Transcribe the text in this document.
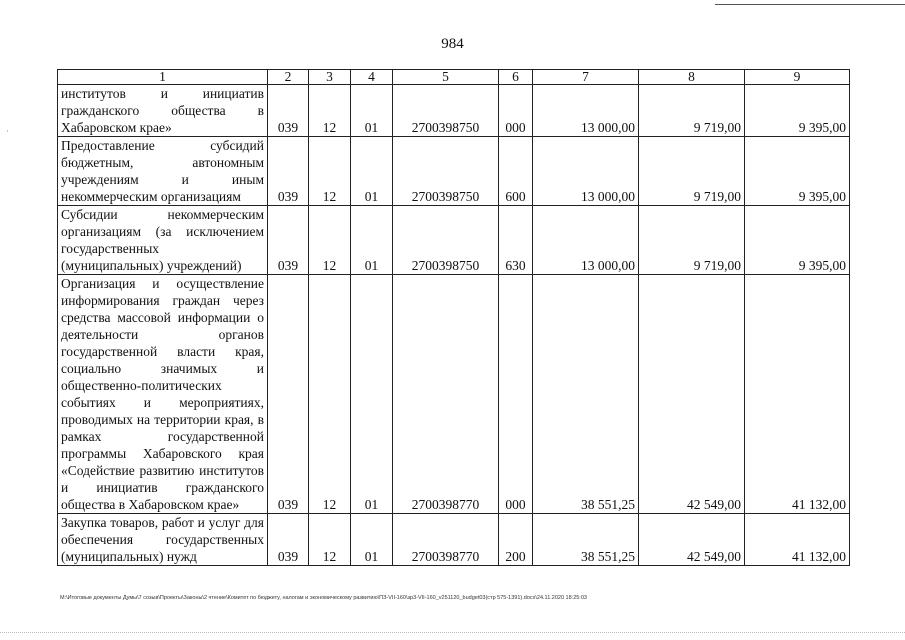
·
984
1	2	3	4	5	6	7	8	9
институтов и инициатив гражданского общества в Хабаровском крае»	039	12	01	2700398750	000	13 000,00	9 719,00	9 395,00
Предоставление субсидий бюджетным, автономным учреждениям и иным некоммерческим организациям	039	12	01	2700398750	600	13 000,00	9 719,00	9 395,00
Субсидии некоммерческим организациям (за исключением государственных (муниципальных) учреждений)	039	12	01	2700398750	630	13 000,00	9 719,00	9 395,00
Организация и осуществление информирования граждан через средства массовой информации о деятельности органов государственной власти края, социально значимых и общественно-политических событиях и мероприятиях, проводимых на территории края, в рамках государственной программы Хабаровского края «Содействие развитию институтов и инициатив гражданского общества в Хабаровском крае»	039	12	01	2700398770	000	38 551,25	42 549,00	41 132,00
Закупка товаров, работ и услуг для обеспечения государственных (муниципальных) нужд	039	12	01	2700398770	200	38 551,25	42 549,00	41 132,00
M:\Итоговые документы Думы\7 созыв\Проекты\Законы\2 чтение\Комитет по бюджету, налогам и экономическому развитию\ПЗ-VII-160\зр3-VII-160_v251120_budget03(стр 575-1391).docx\24.11.2020 18:25:03
